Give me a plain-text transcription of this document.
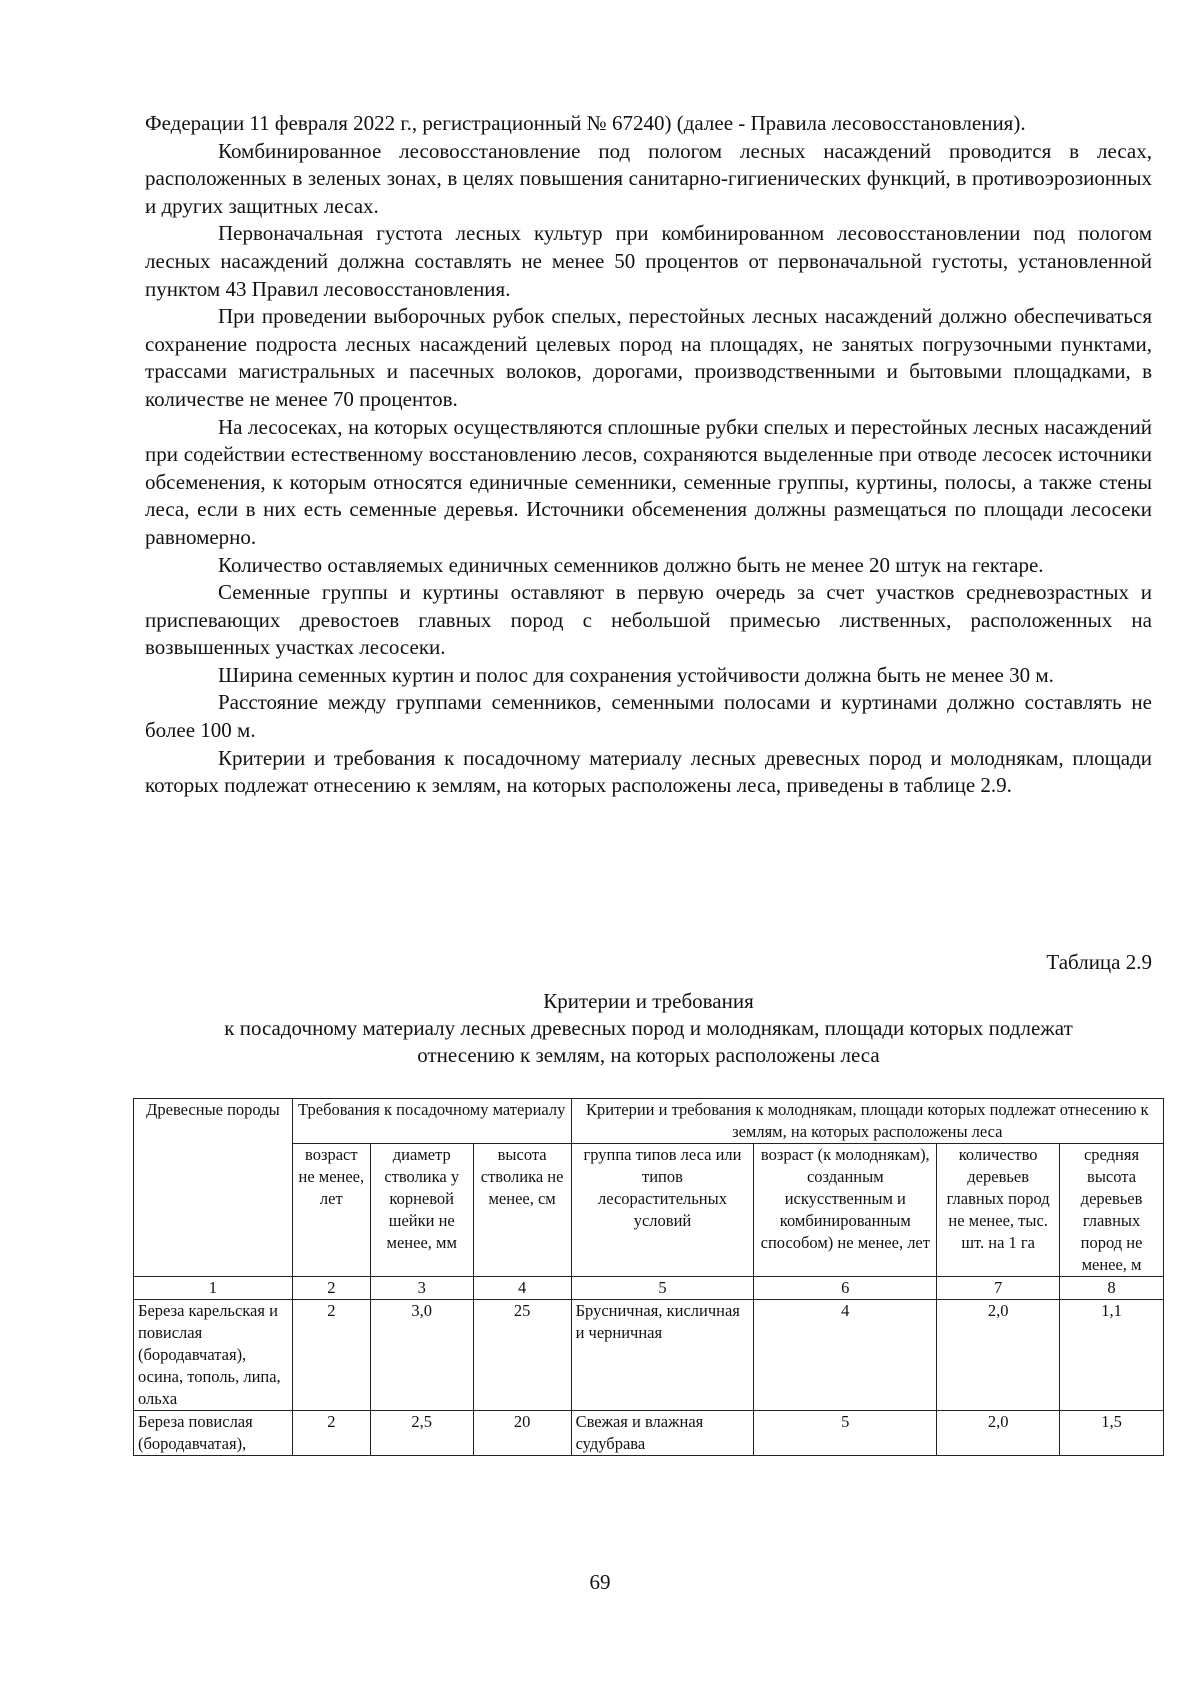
Федерации 11 февраля 2022 г., регистрационный № 67240) (далее - Правила лесовосстановления).

Комбинированное лесовосстановление под пологом лесных насаждений проводится в лесах, расположенных в зеленых зонах, в целях повышения санитарно-гигиенических функций, в противоэрозионных и других защитных лесах.

Первоначальная густота лесных культур при комбинированном лесовосстановлении под пологом лесных насаждений должна составлять не менее 50 процентов от первоначальной густоты, установленной пунктом 43 Правил лесовосстановления.

При проведении выборочных рубок спелых, перестойных лесных насаждений должно обеспечиваться сохранение подроста лесных насаждений целевых пород на площадях, не занятых погрузочными пунктами, трассами магистральных и пасечных волоков, дорогами, производственными и бытовыми площадками, в количестве не менее 70 процентов.

На лесосеках, на которых осуществляются сплошные рубки спелых и перестойных лесных насаждений при содействии естественному восстановлению лесов, сохраняются выделенные при отводе лесосек источники обсеменения, к которым относятся единичные семенники, семенные группы, куртины, полосы, а также стены леса, если в них есть семенные деревья. Источники обсеменения должны размещаться по площади лесосеки равномерно.

Количество оставляемых единичных семенников должно быть не менее 20 штук на гектаре.

Семенные группы и куртины оставляют в первую очередь за счет участков средневозрастных и приспевающих древостоев главных пород с небольшой примесью лиственных, расположенных на возвышенных участках лесосеки.

Ширина семенных куртин и полос для сохранения устойчивости должна быть не менее 30 м.

Расстояние между группами семенников, семенными полосами и куртинами должно составлять не более 100 м.

Критерии и требования к посадочному материалу лесных древесных пород и молоднякам, площади которых подлежат отнесению к землям, на которых расположены леса, приведены в таблице 2.9.

Таблица 2.9
Критерии и требования
к посадочному материалу лесных древесных пород и молоднякам, площади которых подлежат
отнесению к землям, на которых расположены леса
Древесные породы	Требования к посадочному материалу			Критерии и требования к молоднякам, площади которых подлежат отнесению к землям, на которых расположены леса			
	возраст не менее, лет	диаметр стволика у корневой шейки не менее, мм	высота стволика не менее, см	группа типов леса или типов лесорастительных условий	возраст (к молоднякам), созданным искусственным и комбинированным способом) не менее, лет	количество деревьев главных пород не менее, тыс. шт. на 1 га	средняя высота деревьев главных пород не менее, м
1	2	3	4	5	6	7	8
Береза карельская и повислая (бородавчатая), осина, тополь, липа, ольха	2	3,0	25	Брусничная, кисличная и черничная	4	2,0	1,1
Береза повислая (бородавчатая),	2	2,5	20	Свежая и влажная судубрава	5	2,0	1,5
69
